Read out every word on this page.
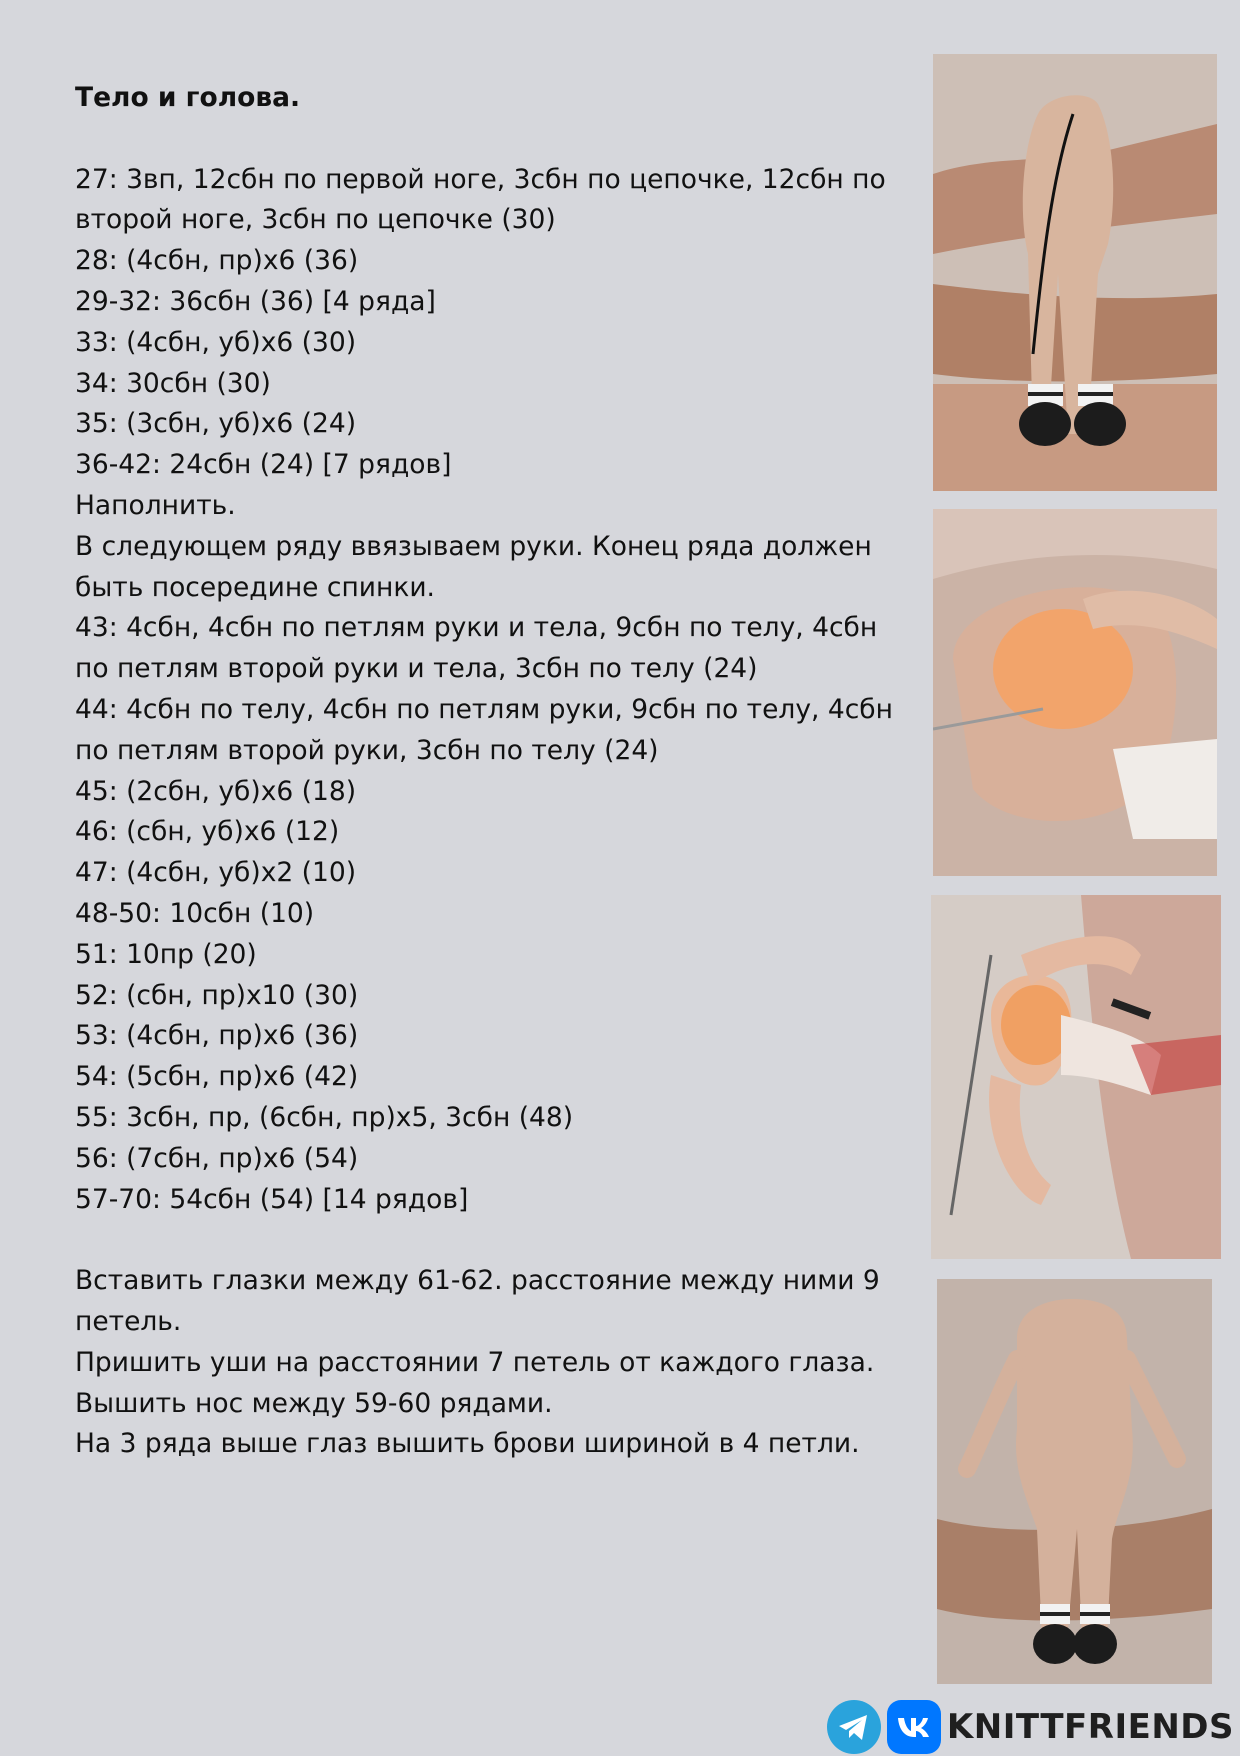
Тело и голова.

27: 3вп, 12сбн по первой ноге, 3сбн по цепочке, 12сбн по

второй ноге, 3сбн по цепочке (30)

28: (4сбн, пр)х6 (36)

29-32: 36сбн (36) [4 ряда]

33: (4сбн, уб)х6 (30)

34: 30сбн (30)

35: (3сбн, уб)х6 (24)

36-42: 24сбн (24) [7 рядов]

Наполнить.

В следующем ряду ввязываем руки. Конец ряда должен

быть посередине спинки.

43: 4сбн, 4сбн по петлям руки и тела, 9сбн по телу, 4сбн

по петлям второй руки и тела, 3сбн по телу (24)

44: 4сбн по телу, 4сбн по петлям руки, 9сбн по телу, 4сбн

по петлям второй руки, 3сбн по телу (24)

45: (2сбн, уб)х6 (18)

46: (сбн, уб)х6 (12)

47: (4сбн, уб)х2 (10)

48-50: 10сбн (10)

51: 10пр (20)

52: (сбн, пр)х10 (30)

53: (4сбн, пр)х6 (36)

54: (5сбн, пр)х6 (42)

55: 3сбн, пр, (6сбн, пр)х5, 3сбн (48)

56: (7сбн, пр)х6 (54)

57-70: 54сбн (54) [14 рядов]

Вставить глазки между 61-62. расстояние между ними 9

петель.

Пришить уши на расстоянии 7 петель от каждого глаза.

Вышить нос между 59-60 рядами.

На 3 ряда выше глаз вышить брови шириной в 4 петли.

KNITTFRIENDS
